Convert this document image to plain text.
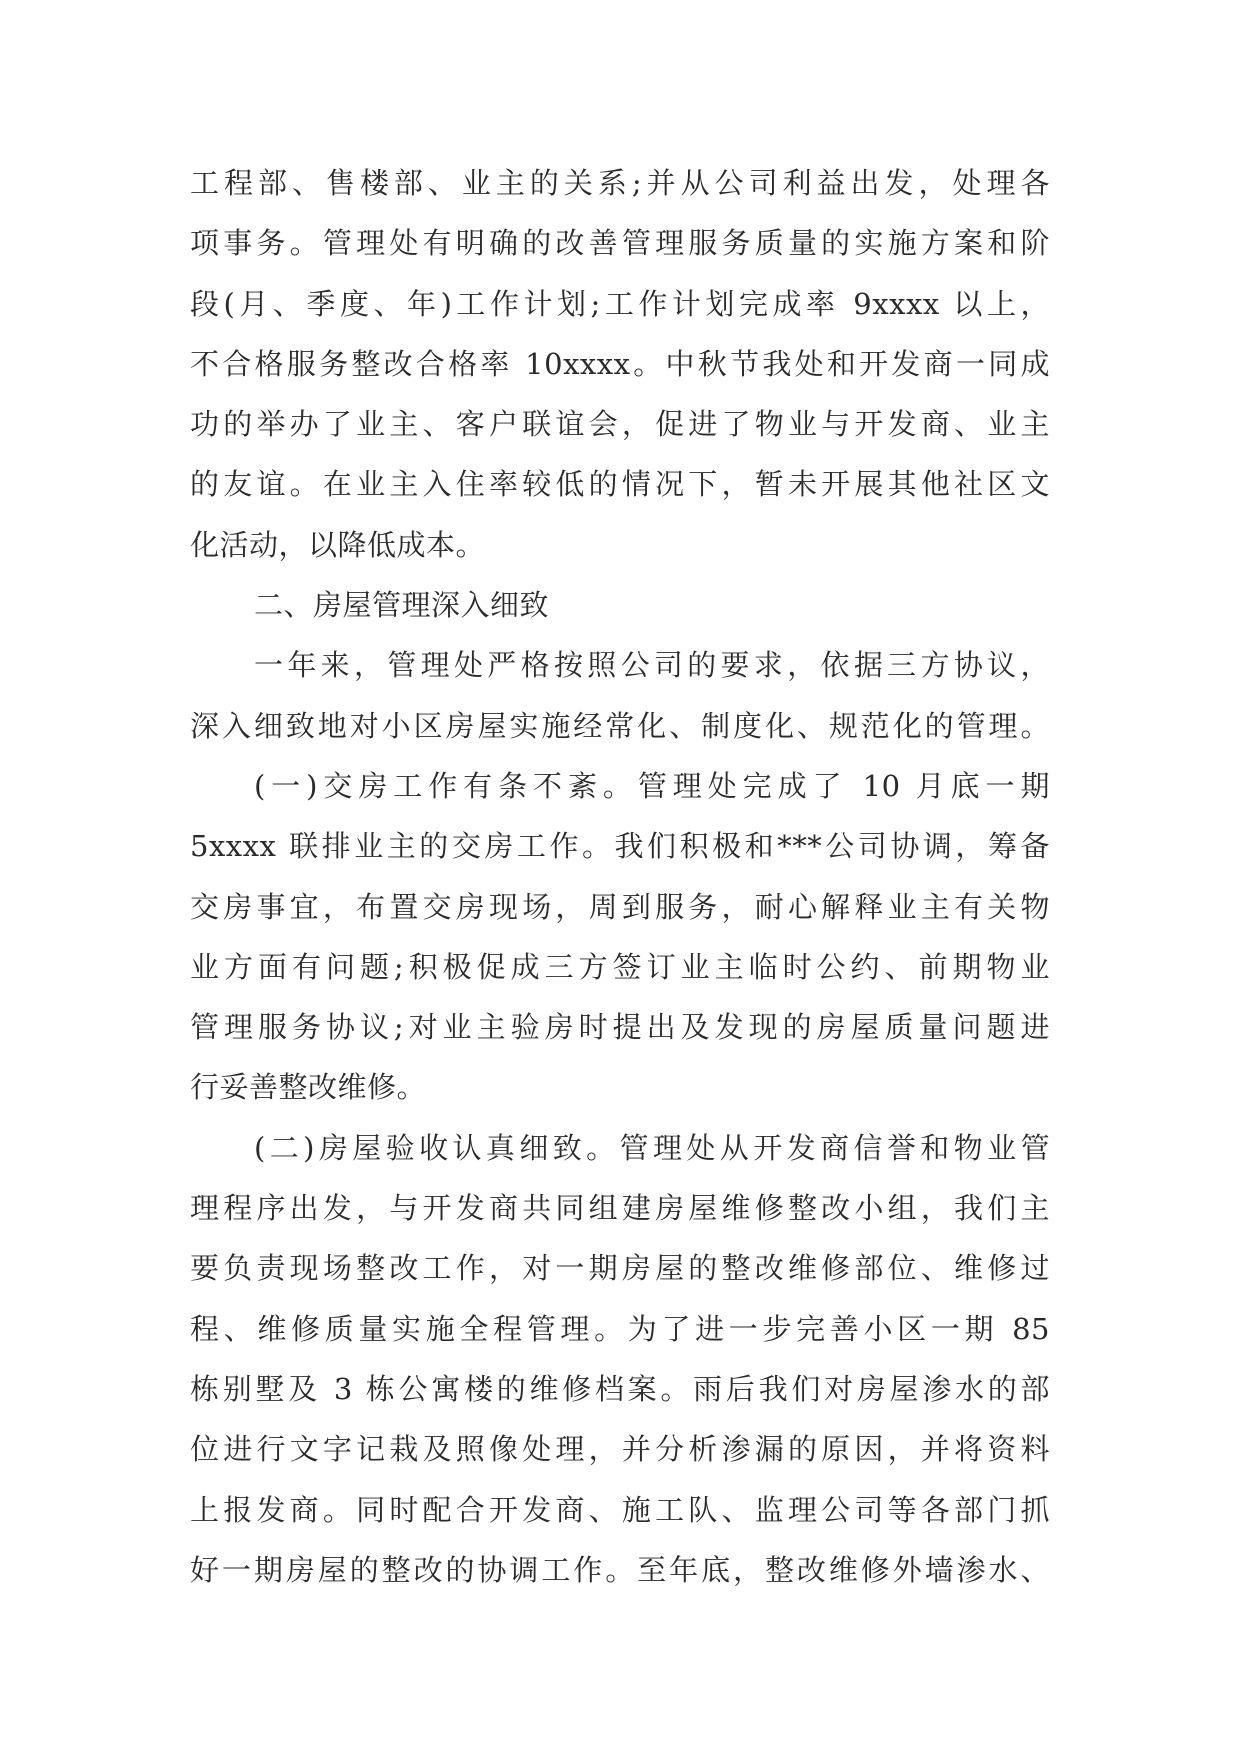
工程部、售楼部、业主的关系;并从公司利益出发，处理各
项事务。管理处有明确的改善管理服务质量的实施方案和阶
段(月、季度、年)工作计划;工作计划完成率 9xxxx 以上，
不合格服务整改合格率 10xxxx。中秋节我处和开发商一同成
功的举办了业主、客户联谊会，促进了物业与开发商、业主
的友谊。在业主入住率较低的情况下，暂未开展其他社区文
化活动，以降低成本。
二、房屋管理深入细致
一年来，管理处严格按照公司的要求，依据三方协议，
深入细致地对小区房屋实施经常化、制度化、规范化的管理。
(一)交房工作有条不紊。管理处完成了 10 月底一期
5xxxx 联排业主的交房工作。我们积极和***公司协调，筹备
交房事宜，布置交房现场，周到服务，耐心解释业主有关物
业方面有问题;积极促成三方签订业主临时公约、前期物业
管理服务协议;对业主验房时提出及发现的房屋质量问题进
行妥善整改维修。
(二)房屋验收认真细致。管理处从开发商信誉和物业管
理程序出发，与开发商共同组建房屋维修整改小组，我们主
要负责现场整改工作，对一期房屋的整改维修部位、维修过
程、维修质量实施全程管理。为了进一步完善小区一期 85
栋别墅及 3 栋公寓楼的维修档案。雨后我们对房屋渗水的部
位进行文字记栽及照像处理，并分析渗漏的原因，并将资料
上报发商。同时配合开发商、施工队、监理公司等各部门抓
好一期房屋的整改的协调工作。至年底，整改维修外墙渗水、
